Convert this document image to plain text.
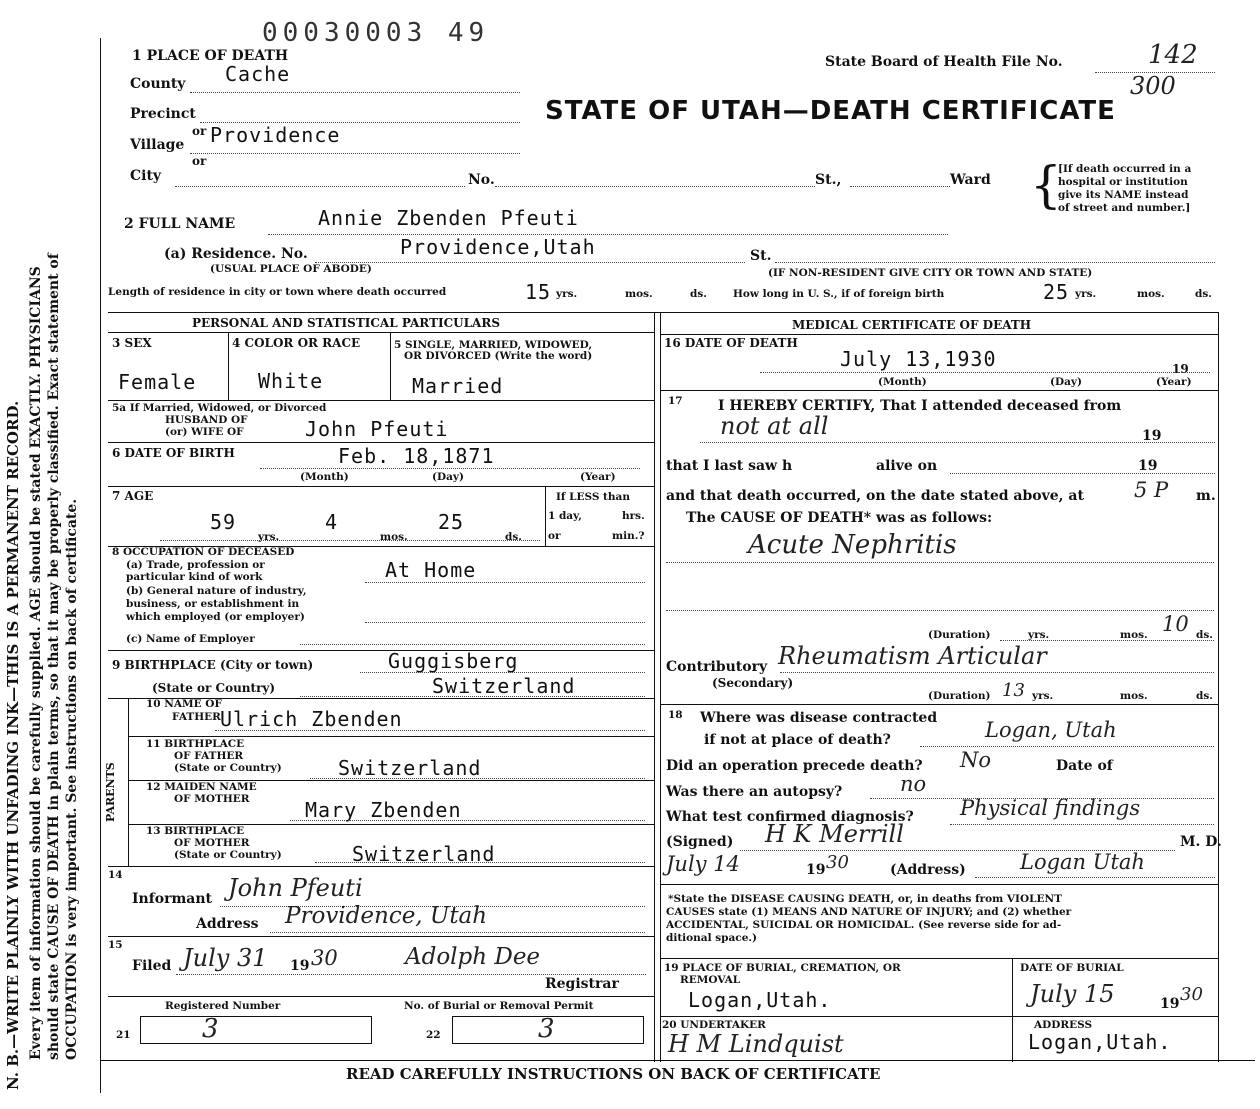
N. B.—WRITE PLAINLY WITH UNFADING INK—THIS IS A PERMANENT RECORD. Every item of information should be carefully supplied. AGE should be stated EXACTLY. PHYSICIANS should state CAUSE OF DEATH in plain terms, so that it may be properly classified. Exact statement of OCCUPATION is very important. See instructions on back of certificate.
00030003 49
1 PLACE OF DEATH
County Cache
Precinct
or
Village Providence
or
City	No.	St.,	Ward {
[If death occurred in a
hospital or institution
give its NAME instead
of street and number.]
State Board of Health File No.	142
300
STATE OF UTAH—DEATH CERTIFICATE
2 FULL NAME	Annie Zbenden Pfeuti
(a) Residence. No.	Providence,Utah	St.
(USUAL PLACE OF ABODE)	(IF NON-RESIDENT GIVE CITY OR TOWN AND STATE)
Length of residence in city or town where death occurred	15 yrs.	mos.	ds. How long in U. S., if of foreign birth	25 yrs.	mos.	ds.
PERSONAL AND STATISTICAL PARTICULARS
3 SEX	4 COLOR OR RACE	5 SINGLE, MARRIED, WIDOWED,
OR DIVORCED (Write the word)
Female	White	Married
5a If Married, Widowed, or Divorced
HUSBAND OF
(or) WIFE OF	John Pfeuti
6 DATE OF BIRTH	Feb. 18,1871
(Month)	(Day)	(Year)
7 AGE
59
yrs.
4
mos.
25
ds.
If LESS than
1 day,	hrs.
or	min.?
8 OCCUPATION OF DECEASED
(a) Trade, profession or
particular kind of work	At Home
(b) General nature of industry,
business, or establishment in
which employed (or employer)
(c) Name of Employer
9 BIRTHPLACE (City or town)	Guggisberg
(State or Country)	Switzerland
PARENTS
10 NAME OF
FATHER Ulrich Zbenden
11 BIRTHPLACE
OF FATHER
(State or Country)	Switzerland
12 MAIDEN NAME
OF MOTHER	Mary Zbenden
13 BIRTHPLACE
OF MOTHER
(State or Country)	Switzerland
14
Informant John Pfeuti
Address Providence, Utah
15
Filed July 31 19 30	Adolph Dee
Registrar
Registered Number	No. of Burial or Removal Permit
21	3	22	3
MEDICAL CERTIFICATE OF DEATH
16 DATE OF DEATH
July 13,1930	19
(Month)	(Day)	(Year)
17	I HEREBY CERTIFY, That I attended deceased from
not at all	19
that I last saw h	alive on	19
and that death occurred, on the date stated above, at 5 P m.
The CAUSE OF DEATH* was as follows:
Acute Nephritis
(Duration)	yrs.	mos. 10 ds.
Contributory Rheumatism Articular
(Secondary)
(Duration) 13 yrs.	mos.	ds.
18 Where was disease contracted
if not at place of death?	Logan, Utah
Did an operation precede death? No	Date of
Was there an autopsy?	no
What test confirmed diagnosis? Physical findings
(Signed) H K Merrill	M. D.
July 14	19 30	(Address)	Logan Utah
*State the DISEASE CAUSING DEATH, or, in deaths from VIOLENT
CAUSES state (1) MEANS AND NATURE OF INJURY; and (2) whether
ACCIDENTAL, SUICIDAL OR HOMICIDAL. (See reverse side for ad-
ditional space.)
19 PLACE OF BURIAL, CREMATION, OR
REMOVAL
Logan,Utah.
DATE OF BURIAL
July 15	19 30
20 UNDERTAKER
H M Lindquist
ADDRESS
Logan,Utah.
READ CAREFULLY INSTRUCTIONS ON BACK OF CERTIFICATE
